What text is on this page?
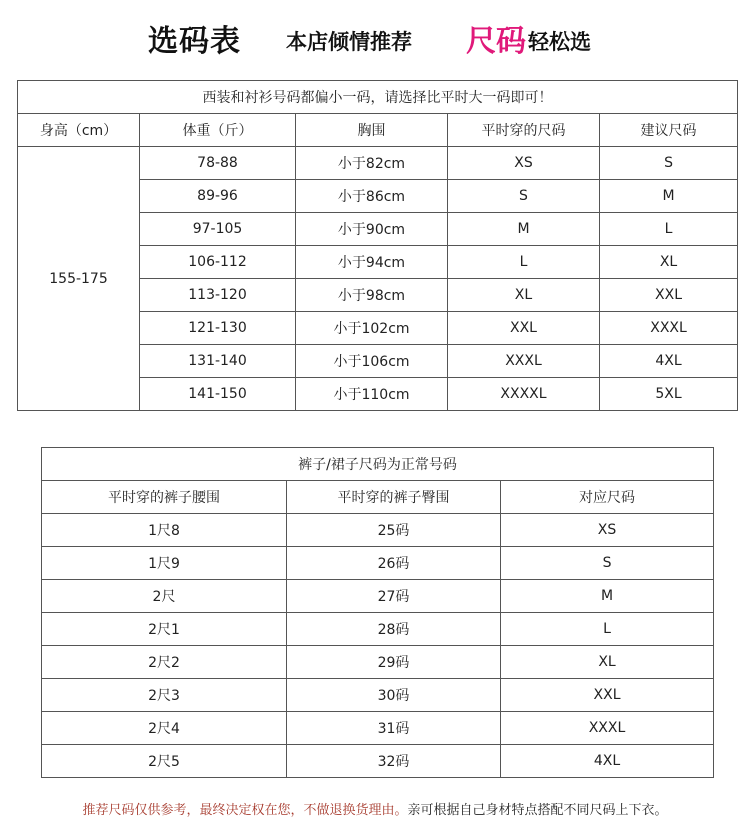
选码表 本店倾情推荐 尺码 轻松选
西装和衬衫号码都偏小一码，请选择比平时大一码即可！				
身高（cm）	体重（斤）	胸围	平时穿的尺码	建议尺码
155-175	78-88	小于82cm	XS	S
	89-96	小于86cm	S	M
	97-105	小于90cm	M	L
	106-112	小于94cm	L	XL
	113-120	小于98cm	XL	XXL
	121-130	小于102cm	XXL	XXXL
	131-140	小于106cm	XXXL	4XL
	141-150	小于110cm	XXXXL	5XL
裤子/裙子尺码为正常号码		
平时穿的裤子腰围	平时穿的裤子臀围	对应尺码
1尺8	25码	XS
1尺9	26码	S
2尺	27码	M
2尺1	28码	L
2尺2	29码	XL
2尺3	30码	XXL
2尺4	31码	XXXL
2尺5	32码	4XL
推荐尺码仅供参考，最终决定权在您，不做退换货理由。亲可根据自己身材特点搭配不同尺码上下衣。
